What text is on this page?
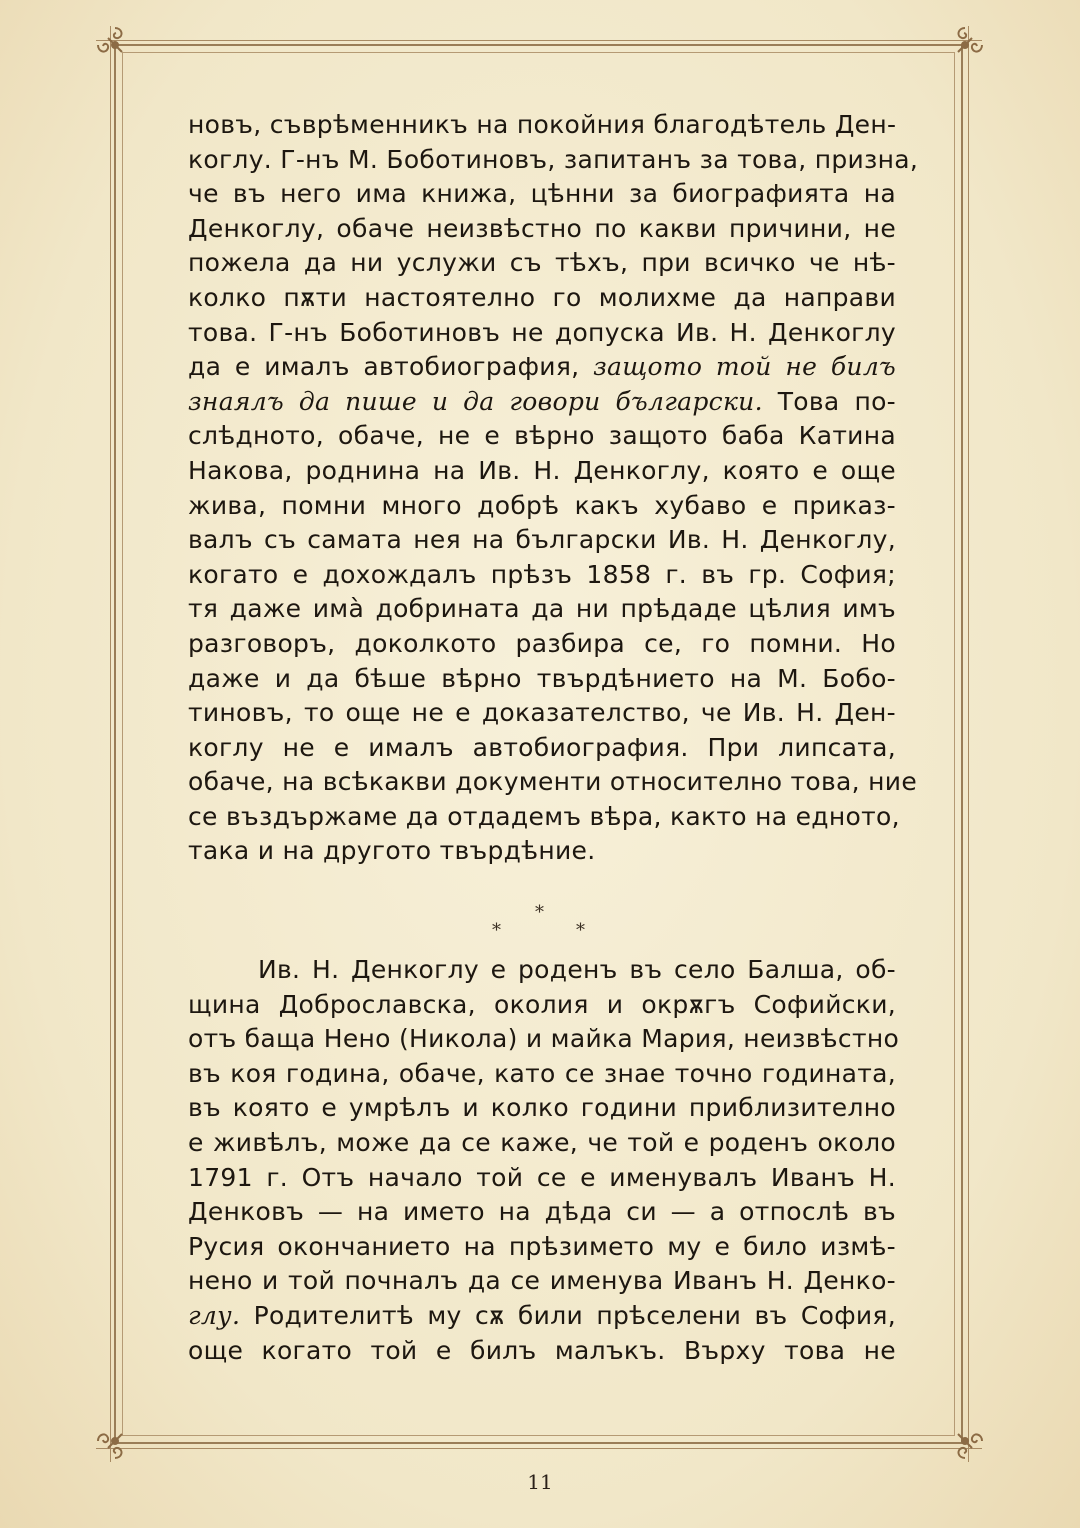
новъ, съврѣменникъ на покойния благодѣтель Ден-
коглу. Г-нъ М. Боботиновъ, запитанъ за това, призна,
че въ него има книжа, цѣнни за биографията на
Денкоглу, обаче неизвѣстно по какви причини, не
пожела да ни услужи съ тѣхъ, при всичко че нѣ-
колко пѫти настоятелно го молихме да направи
това. Г-нъ Боботиновъ не допуска Ив. Н. Денкоглу
да е ималъ автобиография, защото той не билъ
знаялъ да пише и да говори български. Това по-
слѣдното, обаче, не е вѣрно защото баба Катина
Накова, роднина на Ив. Н. Денкоглу, която е още
жива, помни много добрѣ какъ хубаво е приказ-
валъ съ самата нея на български Ив. Н. Денкоглу,
когато е дохождалъ прѣзъ 1858 г. въ гр. София;
тя даже имà добрината да ни прѣдаде цѣлия имъ
разговоръ, доколкото разбира се, го помни. Но
даже и да бѣше вѣрно твърдѣнието на М. Бобо-
тиновъ, то още не е доказателство, че Ив. Н. Ден-
коглу не е ималъ автобиография. При липсата,
обаче, на всѣкакви документи относително това, ние
се въздържаме да отдадемъ вѣра, както на едното,
така и на другото твърдѣние.
*
*	*
Ив. Н. Денкоглу е роденъ въ село Балша, об-
щина Доброславска, околия и окрѫгъ Софийски,
отъ баща Нено (Никола) и майка Мария, неизвѣстно
въ коя година, обаче, като се знае точно годината,
въ която е умрѣлъ и колко години приблизително
е живѣлъ, може да се каже, че той е роденъ около
1791 г. Отъ начало той се е именувалъ Иванъ Н.
Денковъ — на името на дѣда си — а отпослѣ въ
Русия окончанието на прѣзимето му е било измѣ-
нено и той почналъ да се именува Иванъ Н. Денко-
глу. Родителитѣ му сѫ били прѣселени въ София,
още когато той е билъ малъкъ. Върху това не
11
